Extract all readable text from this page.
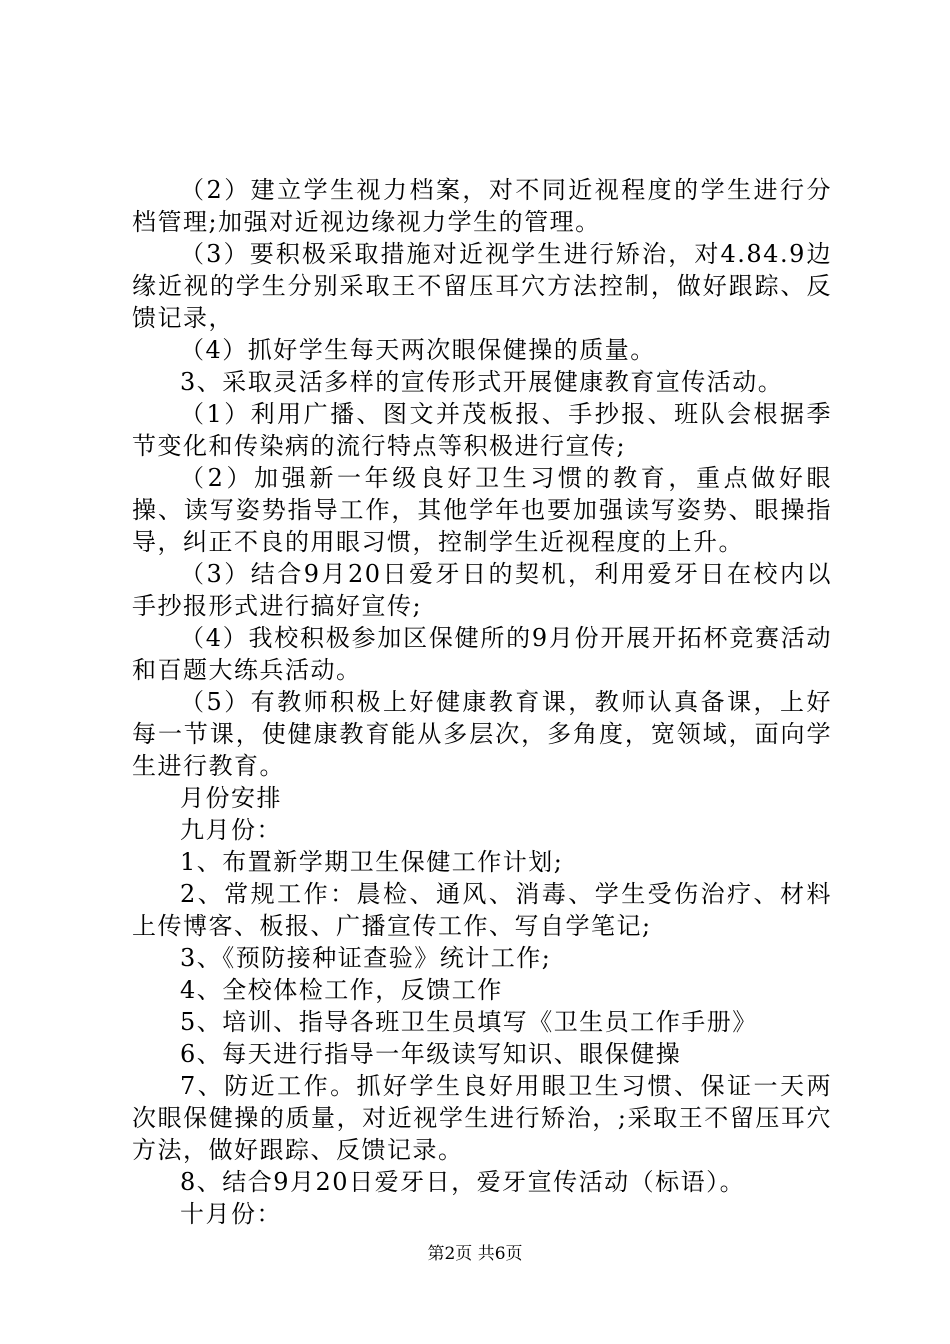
（2）建立学生视力档案，对不同近视程度的学生进行分档管理;加强对近视边缘视力学生的管理。

（3）要积极采取措施对近视学生进行矫治，对4.84.9边缘近视的学生分别采取王不留压耳穴方法控制，做好跟踪、反馈记录，

（4）抓好学生每天两次眼保健操的质量。

3、采取灵活多样的宣传形式开展健康教育宣传活动。

（1）利用广播、图文并茂板报、手抄报、班队会根据季节变化和传染病的流行特点等积极进行宣传;

（2）加强新一年级良好卫生习惯的教育，重点做好眼操、读写姿势指导工作，其他学年也要加强读写姿势、眼操指导，纠正不良的用眼习惯，控制学生近视程度的上升。

（3）结合9月20日爱牙日的契机，利用爱牙日在校内以手抄报形式进行搞好宣传;

（4）我校积极参加区保健所的9月份开展开拓杯竞赛活动和百题大练兵活动。

（5）有教师积极上好健康教育课，教师认真备课，上好每一节课，使健康教育能从多层次，多角度，宽领域，面向学生进行教育。

月份安排

九月份：

1、布置新学期卫生保健工作计划;

2、常规工作：晨检、通风、消毒、学生受伤治疗、材料上传博客、板报、广播宣传工作、写自学笔记;

3、《预防接种证查验》统计工作;

4、全校体检工作，反馈工作

5、培训、指导各班卫生员填写《卫生员工作手册》

6、每天进行指导一年级读写知识、眼保健操

7、防近工作。抓好学生良好用眼卫生习惯、保证一天两次眼保健操的质量，对近视学生进行矫治，;采取王不留压耳穴方法，做好跟踪、反馈记录。

8、结合9月20日爱牙日，爱牙宣传活动（标语）。

十月份：

第2页 共6页
